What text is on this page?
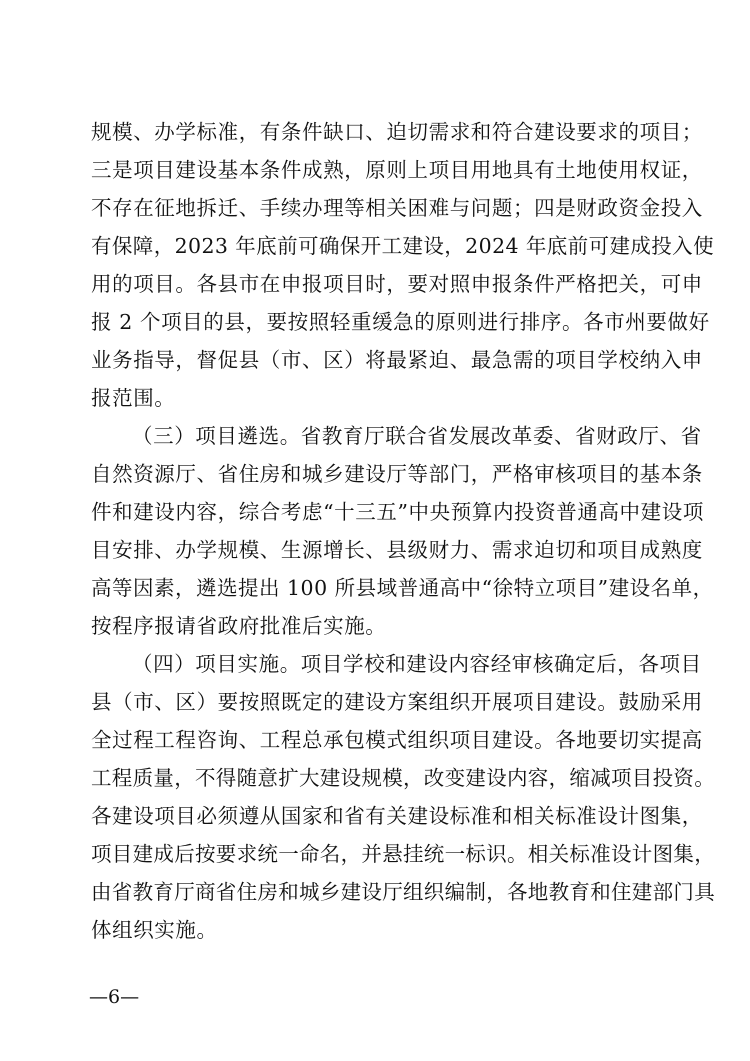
规模、办学标准，有条件缺口、迫切需求和符合建设要求的项目；
三是项目建设基本条件成熟，原则上项目用地具有土地使用权证，
不存在征地拆迁、手续办理等相关困难与问题；四是财政资金投入
有保障，2023 年底前可确保开工建设，2024 年底前可建成投入使
用的项目。各县市在申报项目时，要对照申报条件严格把关，可申
报 2 个项目的县，要按照轻重缓急的原则进行排序。各市州要做好
业务指导，督促县（市、区）将最紧迫、最急需的项目学校纳入申
报范围。
（三）项目遴选。省教育厅联合省发展改革委、省财政厅、省
自然资源厅、省住房和城乡建设厅等部门，严格审核项目的基本条
件和建设内容，综合考虑“十三五”中央预算内投资普通高中建设项
目安排、办学规模、生源增长、县级财力、需求迫切和项目成熟度
高等因素，遴选提出 100 所县域普通高中“徐特立项目”建设名单，
按程序报请省政府批准后实施。
（四）项目实施。项目学校和建设内容经审核确定后，各项目
县（市、区）要按照既定的建设方案组织开展项目建设。鼓励采用
全过程工程咨询、工程总承包模式组织项目建设。各地要切实提高
工程质量，不得随意扩大建设规模，改变建设内容，缩减项目投资。
各建设项目必须遵从国家和省有关建设标准和相关标准设计图集，
项目建成后按要求统一命名，并悬挂统一标识。相关标准设计图集，
由省教育厅商省住房和城乡建设厅组织编制，各地教育和住建部门具
体组织实施。
—6—
